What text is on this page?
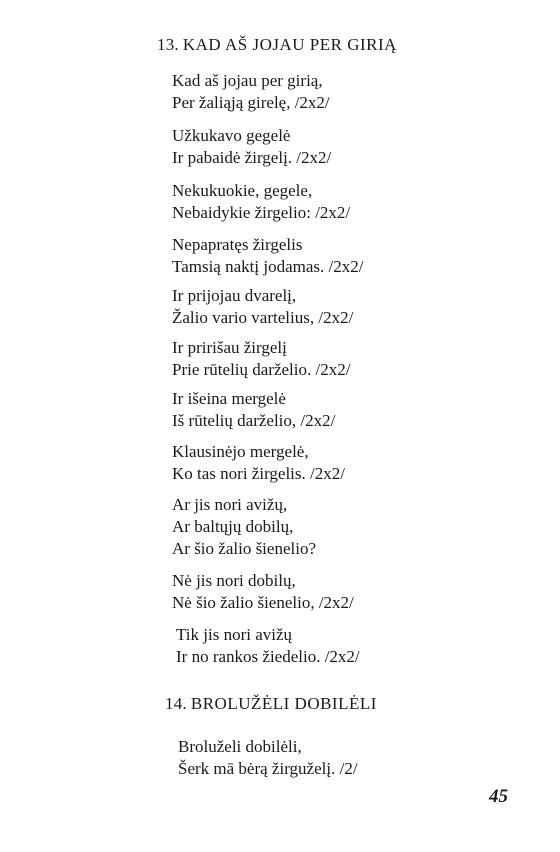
13. KAD AŠ JOJAU PER GIRIĄ
Kad aš jojau per girią,
Per žaliąją girelę, /2x2/
Užkukavo gegelė
Ir pabaidė žirgelį. /2x2/
Nekukuokie, gegele,
Nebaidykie žirgelio: /2x2/
Nepapratęs žirgelis
Tamsią naktį jodamas. /2x2/
Ir prijojau dvarelį,
Žalio vario vartelius, /2x2/
Ir pririšau žirgelį
Prie rūtelių darželio. /2x2/
Ir išeina mergelė
Iš rūtelių darželio, /2x2/
Klausinėjo mergelė,
Ko tas nori žirgelis. /2x2/
Ar jis nori avižų,
Ar baltųjų dobilų,
Ar šio žalio šienelio?
Nė jis nori dobilų,
Nė šio žalio šienelio, /2x2/
Tik jis nori avižų
Ir no rankos žiedelio. /2x2/
14. BROLUŽĖLI DOBILĖLI
Broluželi dobilėli,
Šerk mā bėrą žirguželį. /2/
45
